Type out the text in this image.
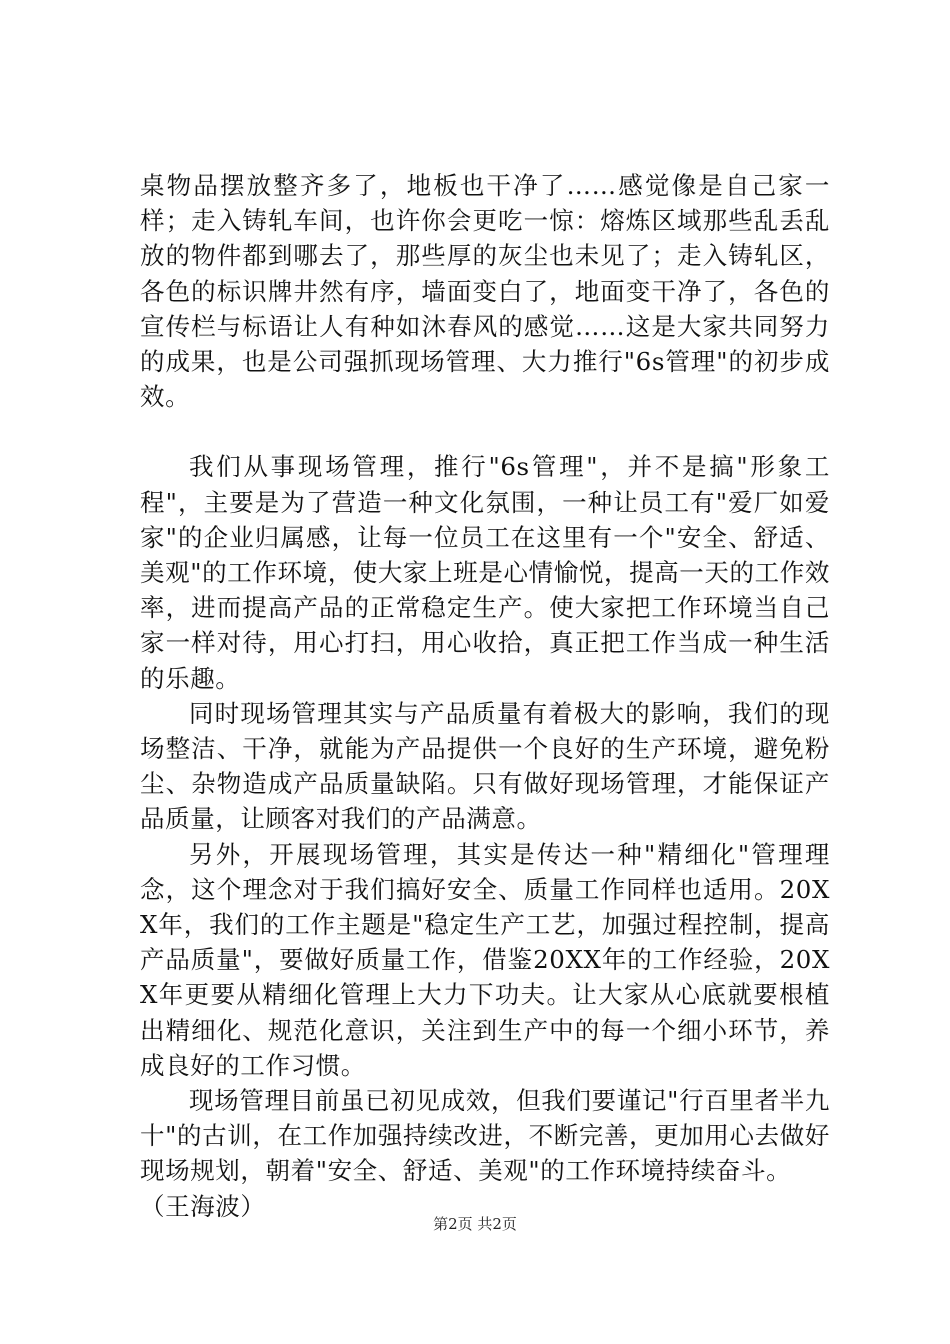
桌物品摆放整齐多了，地板也干净了……感觉像是自己家一样；走入铸轧车间，也许你会更吃一惊：熔炼区域那些乱丢乱放的物件都到哪去了，那些厚的灰尘也未见了；走入铸轧区，各色的标识牌井然有序，墙面变白了，地面变干净了，各色的宣传栏与标语让人有种如沐春风的感觉……这是大家共同努力的成果，也是公司强抓现场管理、大力推行"6s管理"的初步成效。

我们从事现场管理，推行"6s管理"，并不是搞"形象工程"，主要是为了营造一种文化氛围，一种让员工有"爱厂如爱家"的企业归属感，让每一位员工在这里有一个"安全、舒适、美观"的工作环境，使大家上班是心情愉悦，提高一天的工作效率，进而提高产品的正常稳定生产。使大家把工作环境当自己家一样对待，用心打扫，用心收拾，真正把工作当成一种生活的乐趣。

同时现场管理其实与产品质量有着极大的影响，我们的现场整洁、干净，就能为产品提供一个良好的生产环境，避免粉尘、杂物造成产品质量缺陷。只有做好现场管理，才能保证产品质量，让顾客对我们的产品满意。

另外，开展现场管理，其实是传达一种"精细化"管理理念，这个理念对于我们搞好安全、质量工作同样也适用。20XX年，我们的工作主题是"稳定生产工艺，加强过程控制，提高产品质量"，要做好质量工作，借鉴20XX年的工作经验，20XX年更要从精细化管理上大力下功夫。让大家从心底就要根植出精细化、规范化意识，关注到生产中的每一个细小环节，养成良好的工作习惯。

现场管理目前虽已初见成效，但我们要谨记"行百里者半九十"的古训，在工作加强持续改进，不断完善，更加用心去做好现场规划，朝着"安全、舒适、美观"的工作环境持续奋斗。

（王海波）

第2页 共2页
